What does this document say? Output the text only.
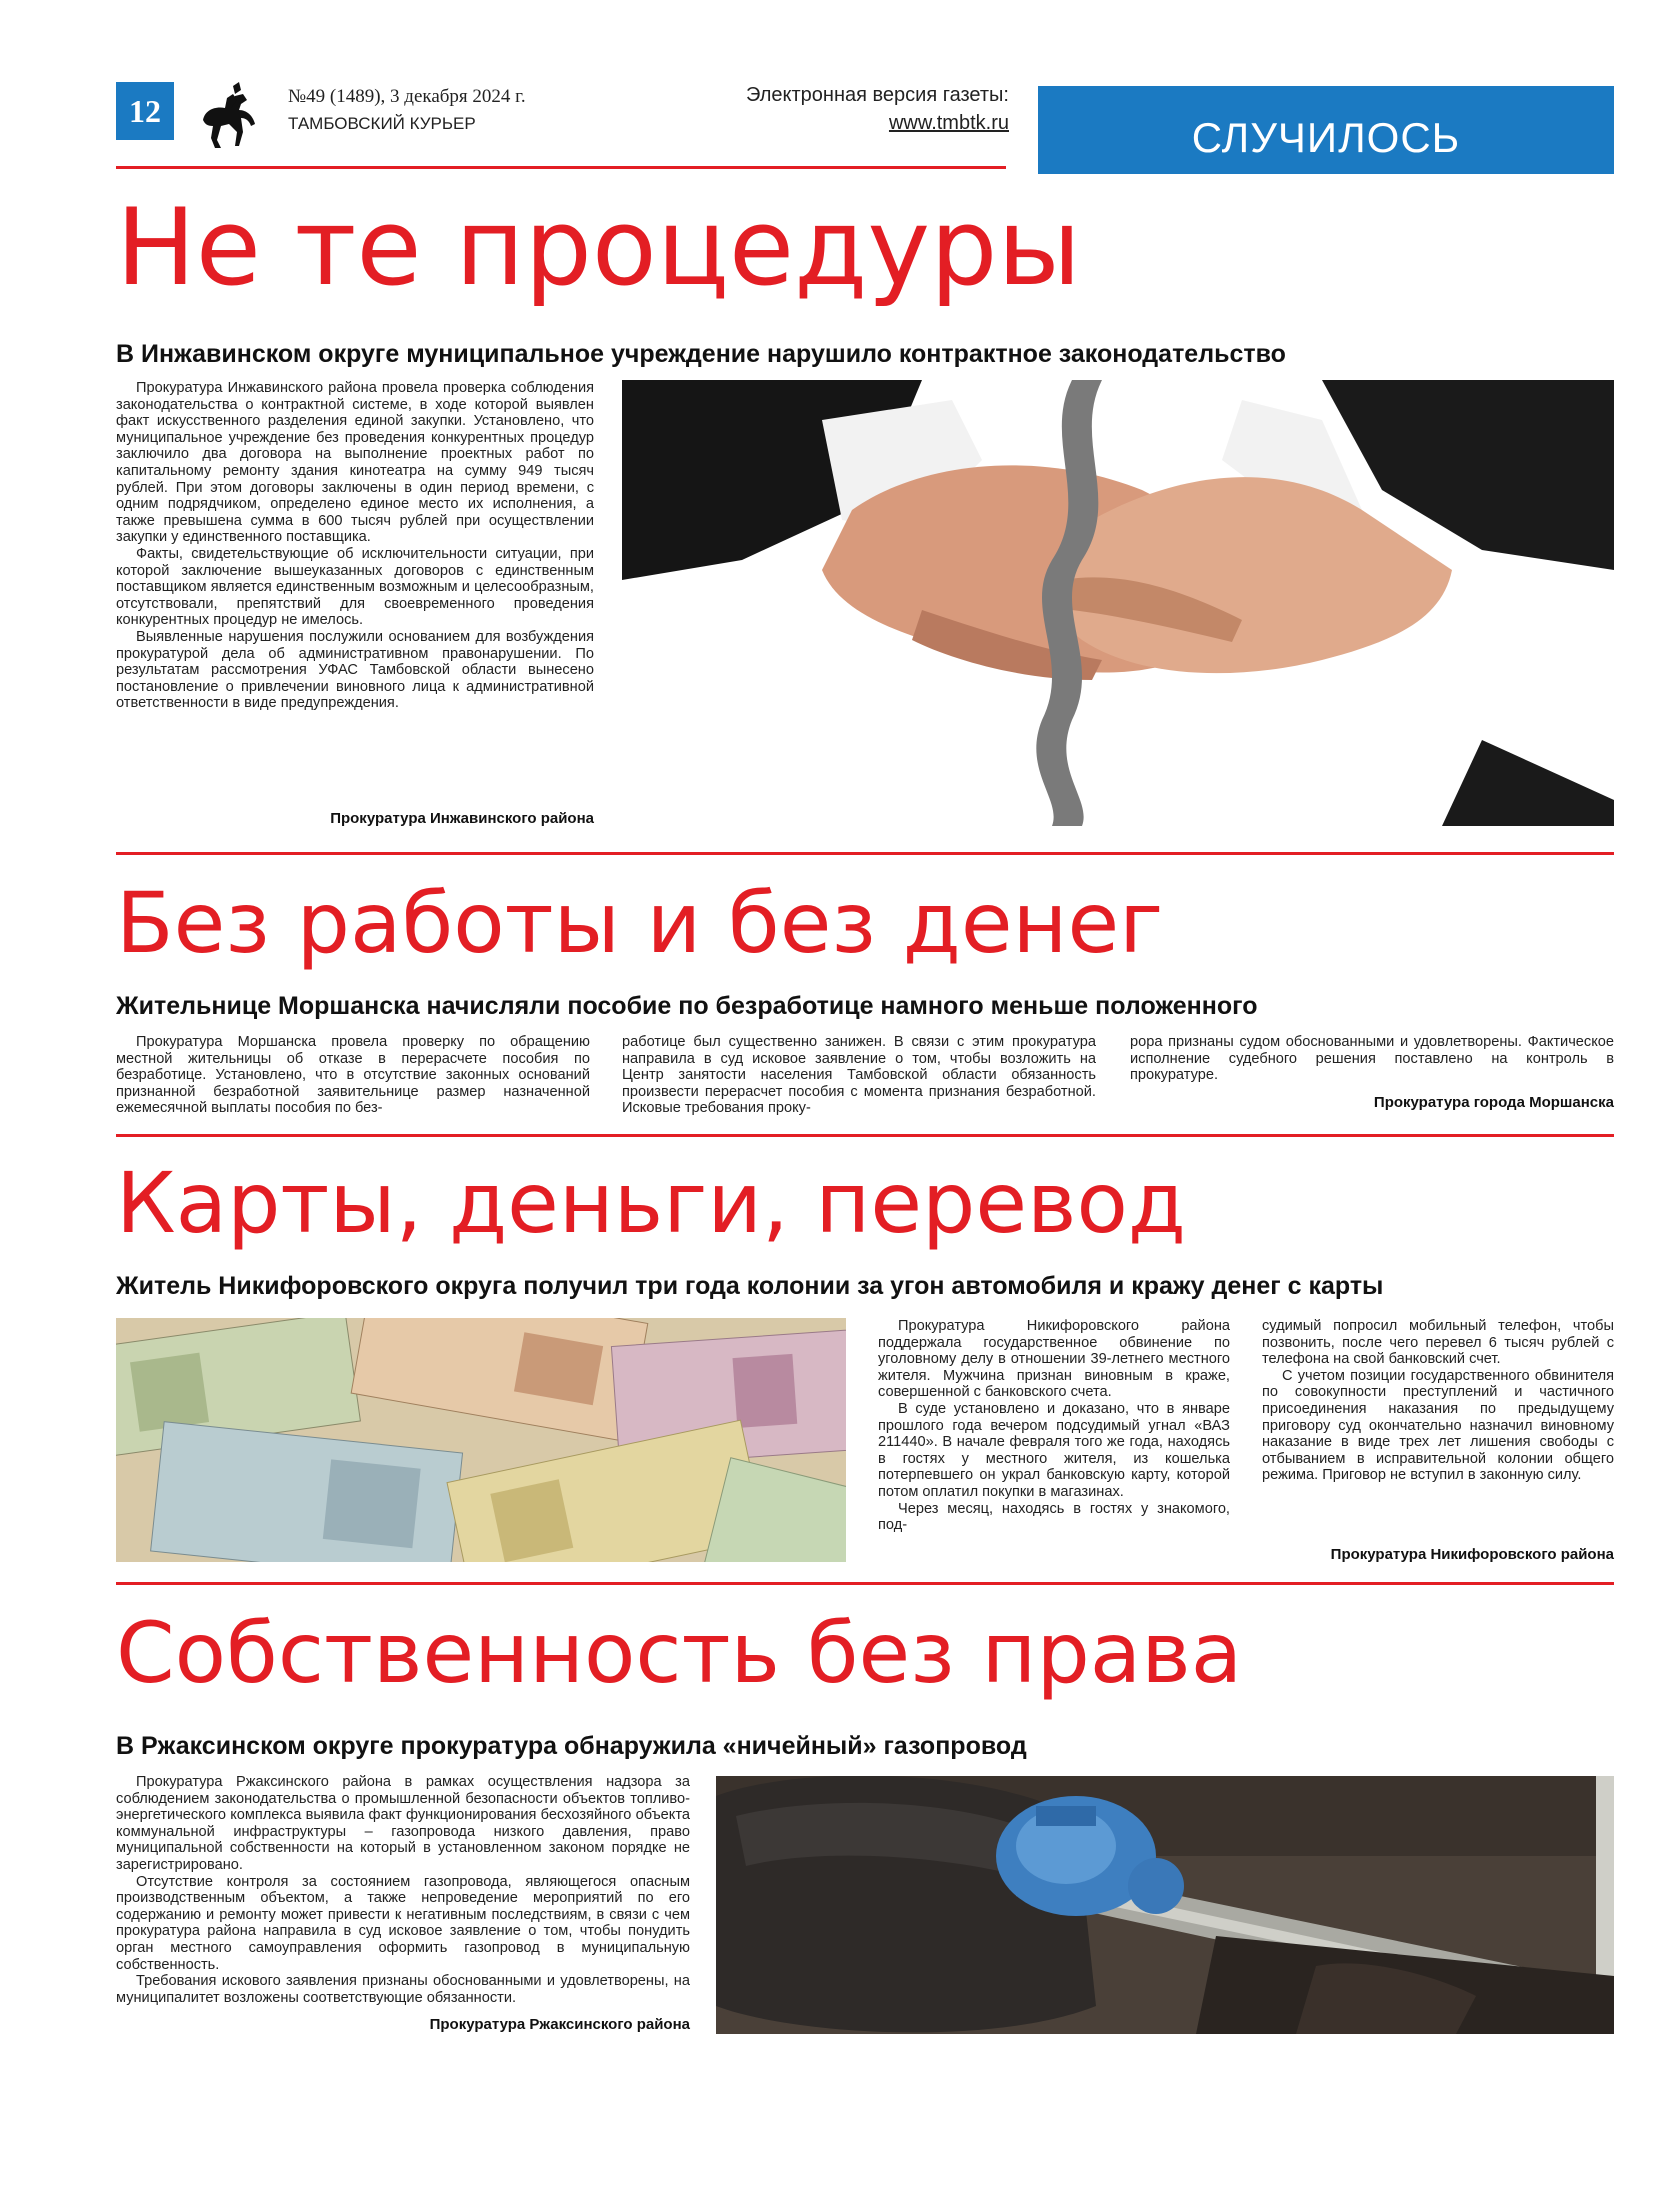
12	№49 (1489), 3 декабря 2024 г.
ТАМБОВСКИЙ КУРЬЕР
Электронная версия газеты:
www.tmbtk.ru	СЛУЧИЛОСЬ
Не те процедуры
В Инжавинском округе муниципальное учреждение нарушило контрактное законодательство

Прокуратура Инжавинского района провела проверка соблюдения законодательства о контрактной системе, в ходе которой выявлен факт искусственного разделения единой закупки. Установлено, что муниципальное учреждение без проведения конкурентных процедур заключило два договора на выполнение проектных работ по капитальному ремонту здания кинотеатра на сумму 949 тысяч рублей. При этом договоры заключены в один период времени, с одним подрядчиком, определено единое место их исполнения, а также превышена сумма в 600 тысяч рублей при осуществлении закупки у единственного поставщика.

Факты, свидетельствующие об исключительности ситуации, при которой заключение вышеуказанных договоров с единственным поставщиком является единственным возможным и целесообразным, отсутствовали, препятствий для своевременного проведения конкурентных процедур не имелось.

Выявленные нарушения послужили основанием для возбуждения прокуратурой дела об административном правонарушении. По результатам рассмотрения УФАС Тамбовской области вынесено постановление о привлечении виновного лица к административной ответственности в виде предупреждения.

Прокуратура Инжавинского района
Без работы и без денег
Жительнице Моршанска начисляли пособие по безработице намного меньше положенного

Прокуратура Моршанска провела проверку по обращению местной жительницы об отказе в перерасчете пособия по безработице. Установлено, что в отсутствие законных оснований признанной безработной заявительнице размер назначенной ежемесячной выплаты пособия по без-

работице был существенно занижен. В связи с этим прокуратура направила в суд исковое заявление о том, чтобы возложить на Центр занятости населения Тамбовской области обязанность произвести перерасчет пособия с момента признания безработной. Исковые требования проку-

рора признаны судом обоснованными и удовлетворены. Фактическое исполнение судебного решения поставлено на контроль в прокуратуре.

Прокуратура города Моршанска
Карты, деньги, перевод
Житель Никифоровского округа получил три года колонии за угон автомобиля и кражу денег с карты

Прокуратура Никифоровского района поддержала государственное обвинение по уголовному делу в отношении 39-летнего местного жителя. Мужчина признан виновным в краже, совершенной с банковского счета.

В суде установлено и доказано, что в январе прошлого года вечером подсудимый угнал «ВАЗ 211440». В начале февраля того же года, находясь в гостях у местного жителя, из кошелька потерпевшего он украл банковскую карту, которой потом оплатил покупки в магазинах.

Через месяц, находясь в гостях у знакомого, под-

судимый попросил мобильный телефон, чтобы позвонить, после чего перевел 6 тысяч рублей с телефона на свой банковский счет.

С учетом позиции государственного обвинителя по совокупности преступлений и частичного присоединения наказания по предыдущему приговору суд окончательно назначил виновному наказание в виде трех лет лишения свободы с отбыванием в исправительной колонии общего режима. Приговор не вступил в законную силу.

Прокуратура Никифоровского района
Собственность без права
В Ржаксинском округе прокуратура обнаружила «ничейный» газопровод

Прокуратура Ржаксинского района в рамках осуществления надзора за соблюдением законодательства о промышленной безопасности объектов топливо-энергетического комплекса выявила факт функционирования бесхозяйного объекта коммунальной инфраструктуры – газопровода низкого давления, право муниципальной собственности на который в установленном законом порядке не зарегистрировано.

Отсутствие контроля за состоянием газопровода, являющегося опасным производственным объектом, а также непроведение мероприятий по его содержанию и ремонту может привести к негативным последствиям, в связи с чем прокуратура района направила в суд исковое заявление о том, чтобы понудить орган местного самоуправления оформить газопровод в муниципальную собственность.

Требования искового заявления признаны обоснованными и удовлетворены, на муниципалитет возложены соответствующие обязанности.

Прокуратура Ржаксинского района
